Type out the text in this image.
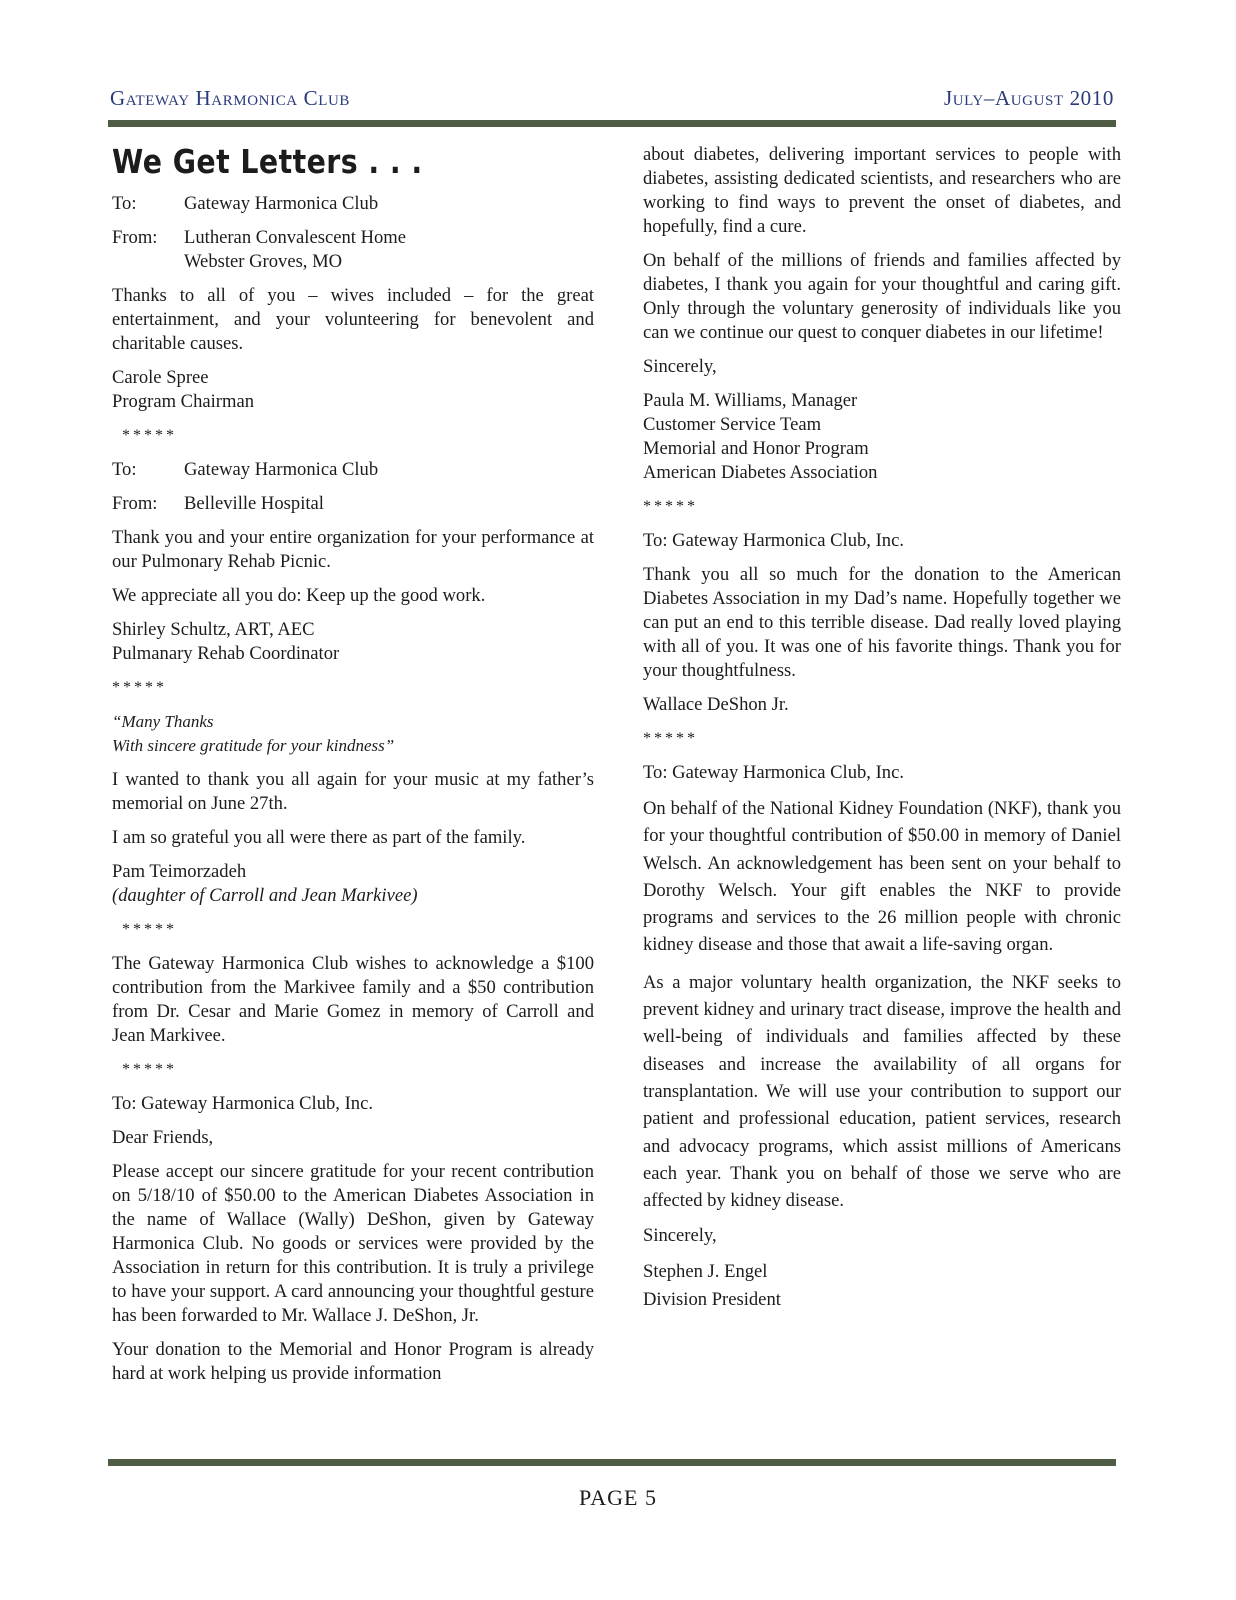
Gateway Harmonica Club	July–August 2010
We Get Letters . . .
To:	Gateway Harmonica Club
From:	Lutheran Convalescent Home
Webster Groves, MO

Thanks to all of you – wives included – for the great entertainment, and your volunteering for benevolent and charitable causes.

Carole Spree
Program Chairman

*****
To:	Gateway Harmonica Club
From:	Belleville Hospital

Thank you and your entire organization for your performance at our Pulmonary Rehab Picnic.

We appreciate all you do: Keep up the good work.

Shirley Schultz, ART, AEC
Pulmanary Rehab Coordinator

*****

“Many Thanks
With sincere gratitude for your kindness”

I wanted to thank you all again for your music at my father’s memorial on June 27th.

I am so grateful you all were there as part of the family.

Pam Teimorzadeh
(daughter of Carroll and Jean Markivee)

*****

The Gateway Harmonica Club wishes to acknowledge a $100 contribution from the Markivee family and a $50 contribution from Dr. Cesar and Marie Gomez in memory of Carroll and Jean Markivee.

*****

To: Gateway Harmonica Club, Inc.

Dear Friends,

Please accept our sincere gratitude for your recent contribution on 5/18/10 of $50.00 to the American Diabetes Association in the name of Wallace (Wally) DeShon, given by Gateway Harmonica Club. No goods or services were provided by the Association in return for this contribution. It is truly a privilege to have your support. A card announcing your thoughtful gesture has been forwarded to Mr. Wallace J. DeShon, Jr.

Your donation to the Memorial and Honor Program is already hard at work helping us provide information

about diabetes, delivering important services to people with diabetes, assisting dedicated scientists, and researchers who are working to find ways to prevent the onset of diabetes, and hopefully, find a cure.

On behalf of the millions of friends and families affected by diabetes, I thank you again for your thoughtful and caring gift. Only through the voluntary generosity of individuals like you can we continue our quest to conquer diabetes in our lifetime!

Sincerely,

Paula M. Williams, Manager
Customer Service Team
Memorial and Honor Program
American Diabetes Association

*****

To: Gateway Harmonica Club, Inc.

Thank you all so much for the donation to the American Diabetes Association in my Dad’s name. Hopefully together we can put an end to this terrible disease. Dad really loved playing with all of you. It was one of his favorite things. Thank you for your thoughtfulness.

Wallace DeShon Jr.

*****

To: Gateway Harmonica Club, Inc.

On behalf of the National Kidney Foundation (NKF), thank you for your thoughtful contribution of $50.00 in memory of Daniel Welsch. An acknowledgement has been sent on your behalf to Dorothy Welsch. Your gift enables the NKF to provide programs and services to the 26 million people with chronic kidney disease and those that await a life-saving organ.

As a major voluntary health organization, the NKF seeks to prevent kidney and urinary tract disease, improve the health and well-being of individuals and families affected by these diseases and increase the availability of all organs for transplantation. We will use your contribution to support our patient and professional education, patient services, research and advocacy programs, which assist millions of Americans each year. Thank you on behalf of those we serve who are affected by kidney disease.

Sincerely,

Stephen J. Engel
Division President

PAGE 5
